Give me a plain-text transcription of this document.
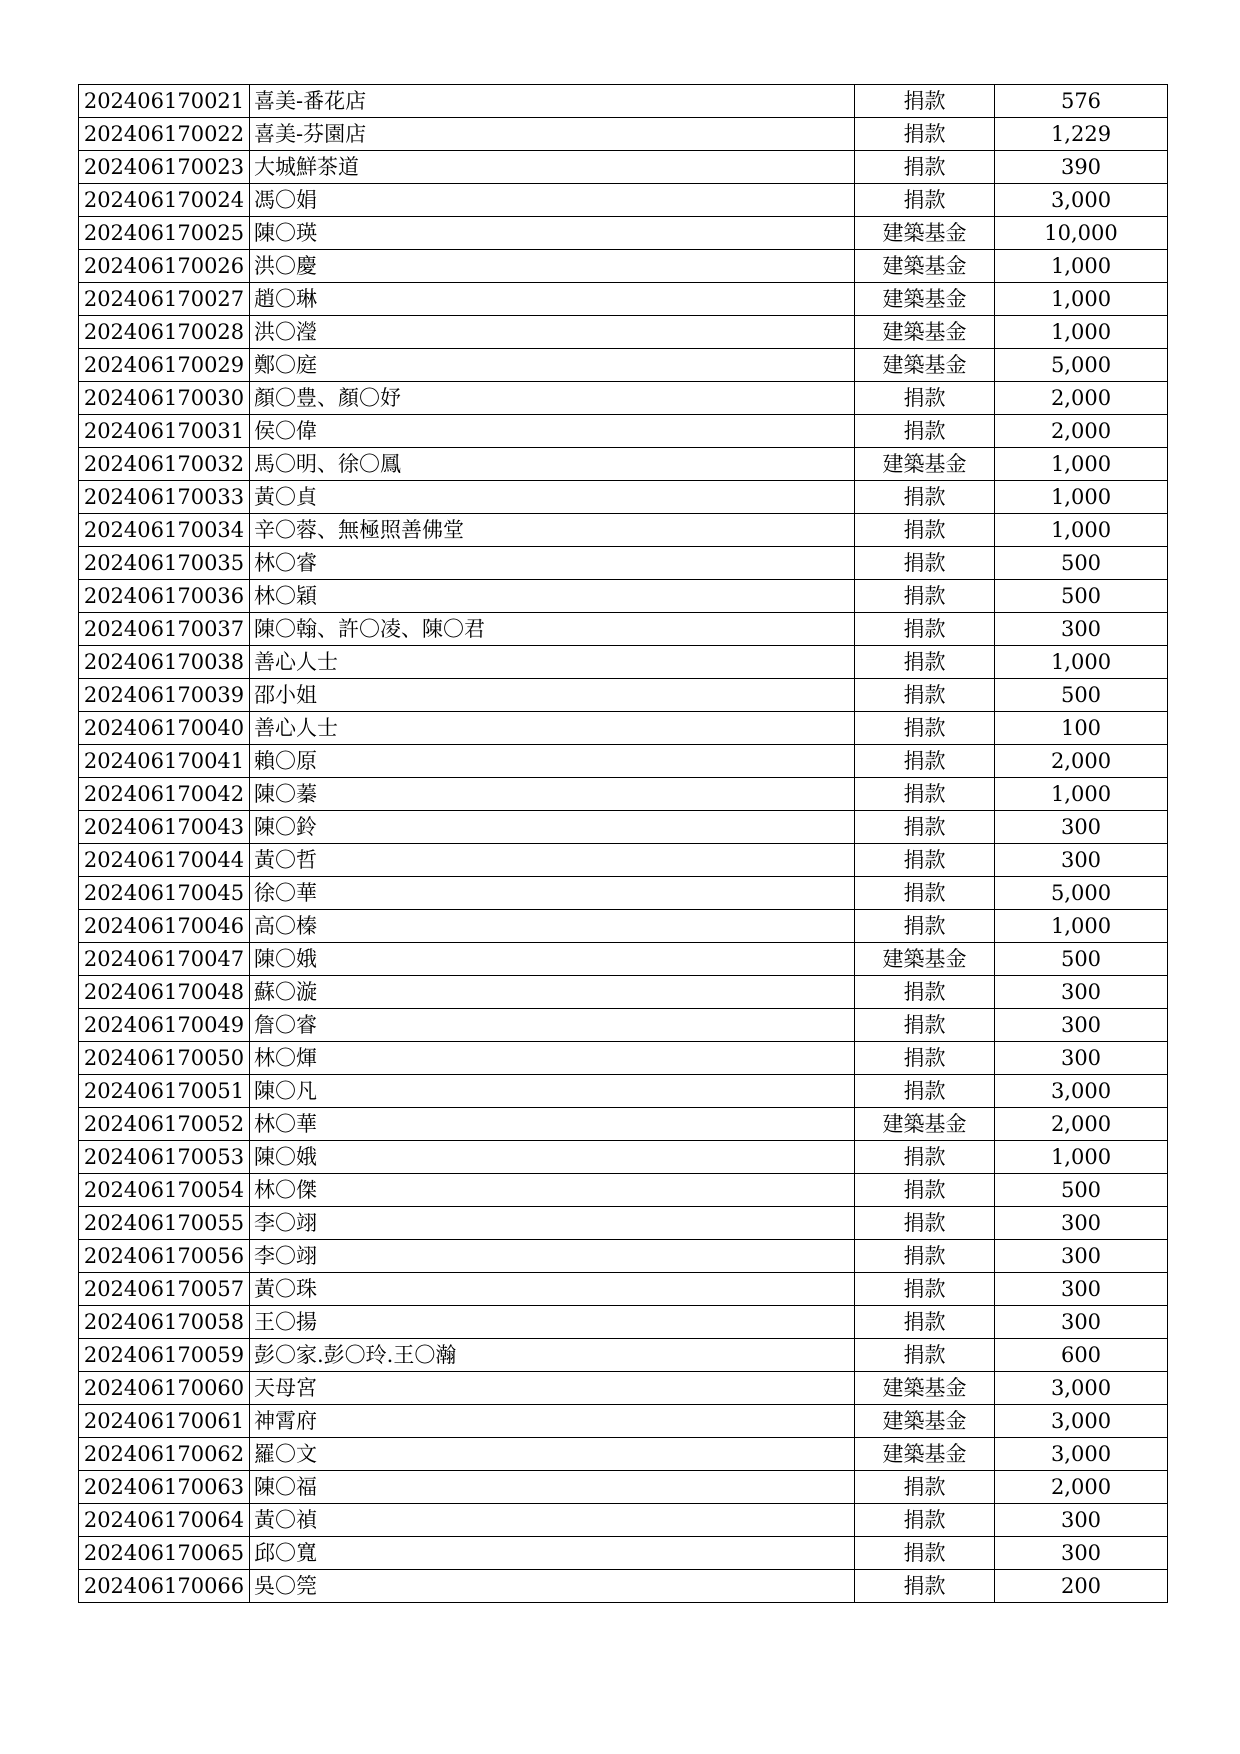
202406170021	喜美-番花店	捐款	576
202406170022	喜美-芬園店	捐款	1,229
202406170023	大城鮮茶道	捐款	390
202406170024	馮〇娟	捐款	3,000
202406170025	陳〇瑛	建築基金	10,000
202406170026	洪〇慶	建築基金	1,000
202406170027	趙〇琳	建築基金	1,000
202406170028	洪〇瀅	建築基金	1,000
202406170029	鄭〇庭	建築基金	5,000
202406170030	顏〇豊、顏〇妤	捐款	2,000
202406170031	侯〇偉	捐款	2,000
202406170032	馬〇明、徐〇鳳	建築基金	1,000
202406170033	黃〇貞	捐款	1,000
202406170034	辛〇蓉、無極照善佛堂	捐款	1,000
202406170035	林〇睿	捐款	500
202406170036	林〇穎	捐款	500
202406170037	陳〇翰、許〇凌、陳〇君	捐款	300
202406170038	善心人士	捐款	1,000
202406170039	邵小姐	捐款	500
202406170040	善心人士	捐款	100
202406170041	賴〇原	捐款	2,000
202406170042	陳〇蓁	捐款	1,000
202406170043	陳〇鈴	捐款	300
202406170044	黃〇哲	捐款	300
202406170045	徐〇華	捐款	5,000
202406170046	高〇榛	捐款	1,000
202406170047	陳〇娥	建築基金	500
202406170048	蘇〇漩	捐款	300
202406170049	詹〇睿	捐款	300
202406170050	林〇煇	捐款	300
202406170051	陳〇凡	捐款	3,000
202406170052	林〇華	建築基金	2,000
202406170053	陳〇娥	捐款	1,000
202406170054	林〇傑	捐款	500
202406170055	李〇翊	捐款	300
202406170056	李〇翊	捐款	300
202406170057	黃〇珠	捐款	300
202406170058	王〇揚	捐款	300
202406170059	彭〇家.彭〇玲.王〇瀚	捐款	600
202406170060	天母宮	建築基金	3,000
202406170061	神霄府	建築基金	3,000
202406170062	羅〇文	建築基金	3,000
202406170063	陳〇福	捐款	2,000
202406170064	黃〇禎	捐款	300
202406170065	邱〇寬	捐款	300
202406170066	吳〇筦	捐款	200
